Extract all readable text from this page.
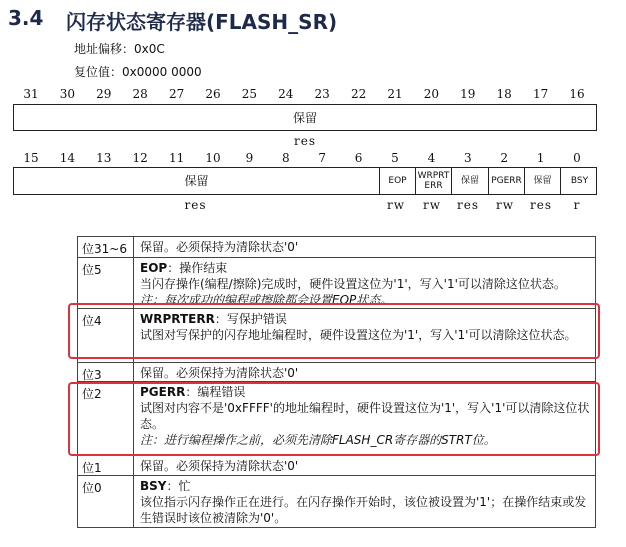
3.4 闪存状态寄存器(FLASH_SR)
地址偏移：0x0C
复位值：0x0000 0000
31	30	29	28	27	26	25	24	23	22	21	20	19	18	17	16
保留
res
15	14	13	12	11	10	9	8	7	6	5	4	3	2	1	0
保留	EOP	WRPRT ERR	保留	PGERR	保留	BSY
res	rw	rw	res	rw	res	r
位31~6 保留。必须保持为清除状态'0'
位5	EOP：操作结束
当闪存操作(编程/擦除)完成时，硬件设置这位为'1'，写入'1'可以清除这位状态。
注：每次成功的编程或擦除都会设置EOP状态。
位4	WRPRTERR：写保护错误
试图对写保护的闪存地址编程时，硬件设置这位为'1'，写入'1'可以清除这位状态。
位3	保留。必须保持为清除状态'0'
位2	PGERR：编程错误
试图对内容不是'0xFFFF'的地址编程时，硬件设置这位为'1'，写入'1'可以清除这位状态。
注：进行编程操作之前，必须先清除FLASH_CR寄存器的STRT位。
位1	保留。必须保持为清除状态'0'
位0	BSY：忙
该位指示闪存操作正在进行。在闪存操作开始时，该位被设置为'1'；在操作结束或发生错误时该位被清除为'0'。
